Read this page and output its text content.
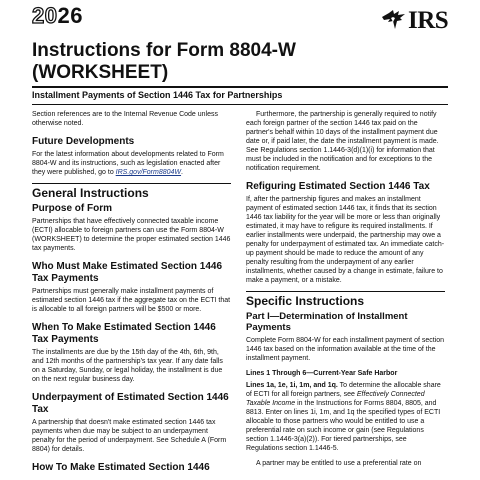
2026	IRS
Instructions for Form 8804-W
(WORKSHEET)
Installment Payments of Section 1446 Tax for Partnerships

Section references are to the Internal Revenue Code unless otherwise noted.

Future Developments

For the latest information about developments related to Form 8804-W and its instructions, such as legislation enacted after they were published, go to IRS.gov/Form8804W.

General Instructions
Purpose of Form

Partnerships that have effectively connected taxable income (ECTI) allocable to foreign partners can use the Form 8804-W (WORKSHEET) to determine the proper estimated section 1446 tax payments.

Who Must Make Estimated Section 1446 Tax Payments

Partnerships must generally make installment payments of estimated section 1446 tax if the aggregate tax on the ECTI that is allocable to all foreign partners will be $500 or more.

When To Make Estimated Section 1446 Tax Payments

The installments are due by the 15th day of the 4th, 6th, 9th, and 12th months of the partnership's tax year. If any date falls on a Saturday, Sunday, or legal holiday, the installment is due on the next regular business day.

Underpayment of Estimated Section 1446 Tax

A partnership that doesn't make estimated section 1446 tax payments when due may be subject to an underpayment penalty for the period of underpayment. See Schedule A (Form 8804) for details.

How To Make Estimated Section 1446

Furthermore, the partnership is generally required to notify each foreign partner of the section 1446 tax paid on the partner's behalf within 10 days of the installment payment due date or, if paid later, the date the installment payment is made. See Regulations section 1.1446-3(d)(1)(i) for information that must be included in the notification and for exceptions to the notification requirement.

Refiguring Estimated Section 1446 Tax

If, after the partnership figures and makes an installment payment of estimated section 1446 tax, it finds that its section 1446 tax liability for the year will be more or less than originally estimated, it may have to refigure its required installments. If earlier installments were underpaid, the partnership may owe a penalty for underpayment of estimated tax. An immediate catch-up payment should be made to reduce the amount of any penalty resulting from the underpayment of any earlier installments, whether caused by a change in estimate, failure to make a payment, or a mistake.

Specific Instructions
Part I—Determination of Installment Payments

Complete Form 8804-W for each installment payment of section 1446 tax based on the information available at the time of the installment payment.

Lines 1 Through 6—Current-Year Safe Harbor

Lines 1a, 1e, 1i, 1m, and 1q. To determine the allocable share of ECTI for all foreign partners, see Effectively Connected Taxable Income in the Instructions for Forms 8804, 8805, and 8813. Enter on lines 1i, 1m, and 1q the specified types of ECTI allocable to those partners who would be entitled to use a preferential rate on such income or gain (see Regulations section 1.1446-3(a)(2)). For tiered partnerships, see Regulations section 1.1446-5.

A partner may be entitled to use a preferential rate on
